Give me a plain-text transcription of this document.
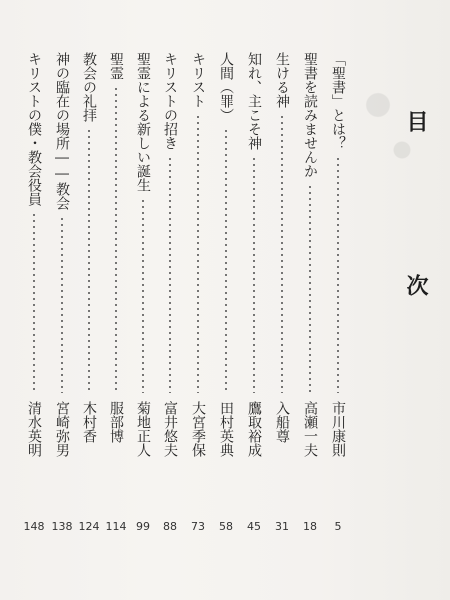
目 次
「聖書」とは？
市川康則
5
聖書を読みませんか
高瀬一夫
18
生ける神
入船尊
31
知れ、主こそ神
鷹取裕成
45
人間（罪）
田村英典
58
キリスト
大宮季保
73
キリストの招き
富井悠夫
88
聖霊による新しい誕生
菊地正人
99
聖霊
服部博
114
教会の礼拝
木村香
124
神の臨在の場所――教会
宮崎弥男
138
キリストの僕・教会役員
清水英明
148
